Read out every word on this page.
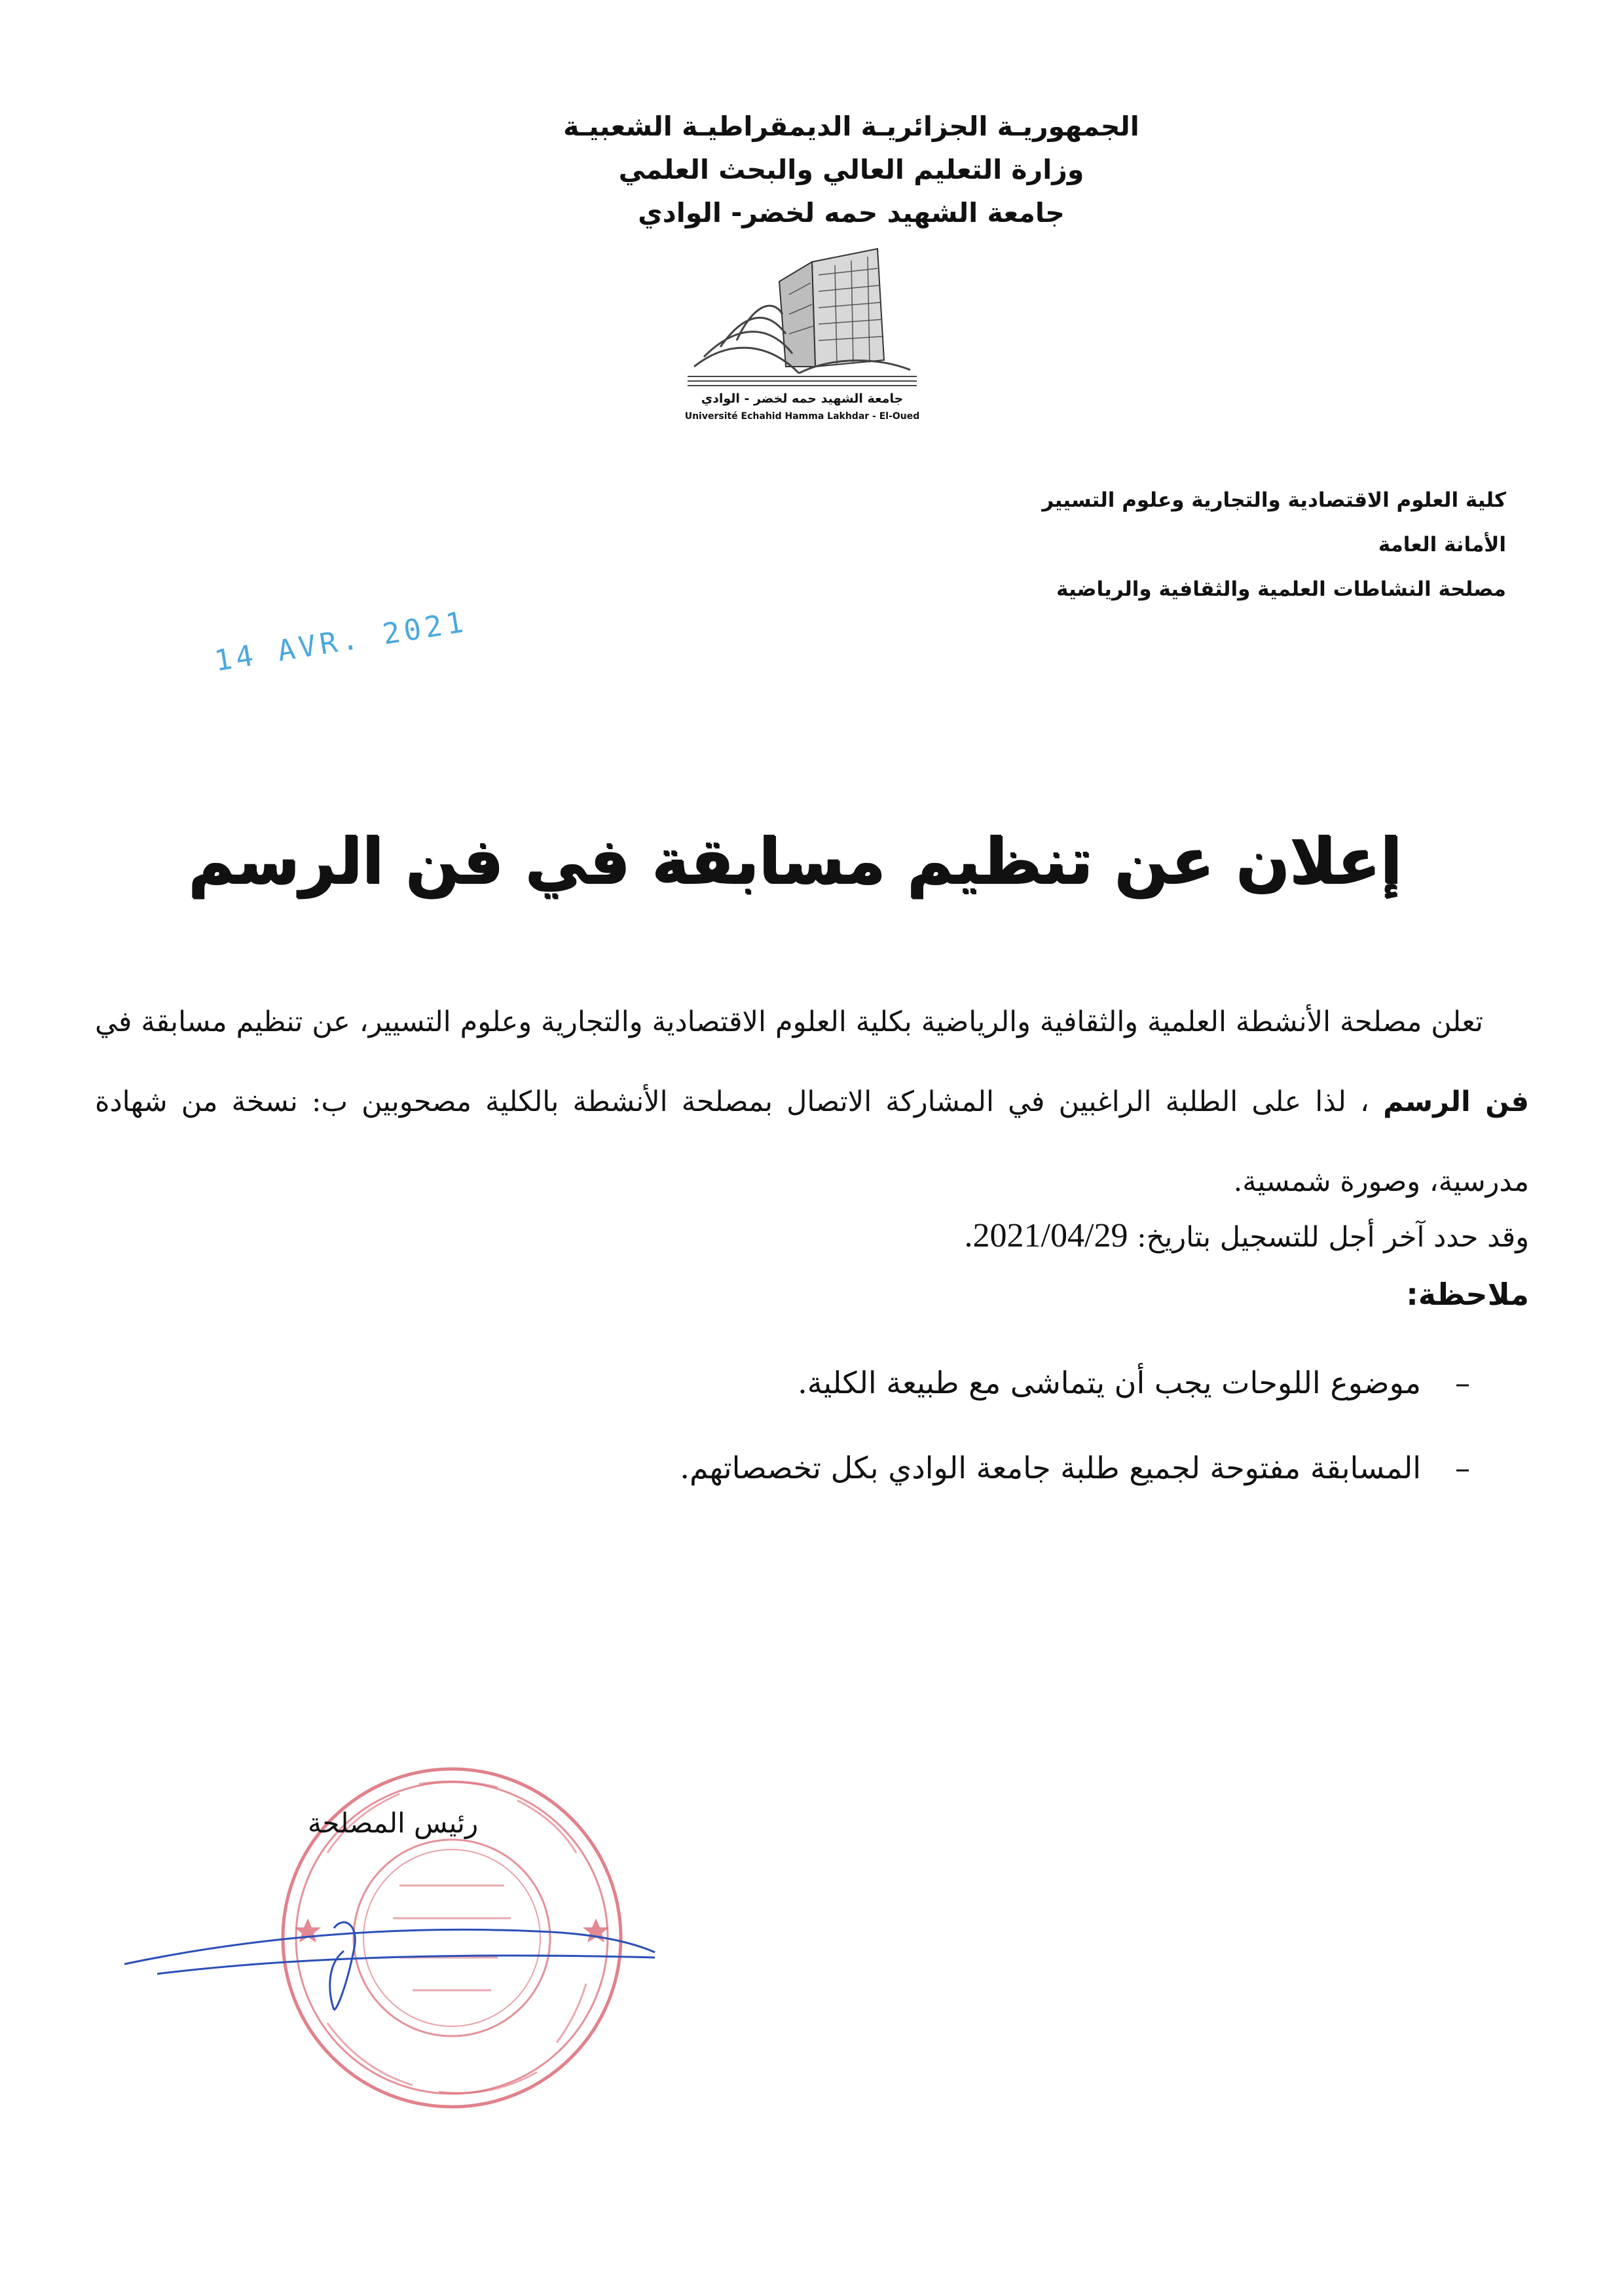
الجمهوريـة الجزائريـة الديمقراطيـة الشعبيـة
وزارة التعليم العالي والبحث العلمي
جامعة الشهيد حمه لخضر- الوادي
جامعة الشهيد حمه لخضر - الوادي
Université Echahid Hamma Lakhdar - El-Oued
كلية العلوم الاقتصادية والتجارية وعلوم التسيير
الأمانة العامة
مصلحة النشاطات العلمية والثقافية والرياضية
14 AVR. 2021
إعلان عن تنظيم مسابقة في فن الرسم
تعلن مصلحة الأنشطة العلمية والثقافية والرياضية بكلية العلوم الاقتصادية والتجارية وعلوم التسيير، عن تنظيم مسابقة في فن الرسم ، لذا على الطلبة الراغبين في المشاركة الاتصال بمصلحة الأنشطة بالكلية مصحوبين ب: نسخة من شهادة مدرسية، وصورة شمسية.
وقد حدد آخر أجل للتسجيل بتاريخ: 2021/04/29.
ملاحظة:
–موضوع اللوحات يجب أن يتماشى مع طبيعة الكلية.
–المسابقة مفتوحة لجميع طلبة جامعة الوادي بكل تخصصاتهم.
رئيس المصلحة
